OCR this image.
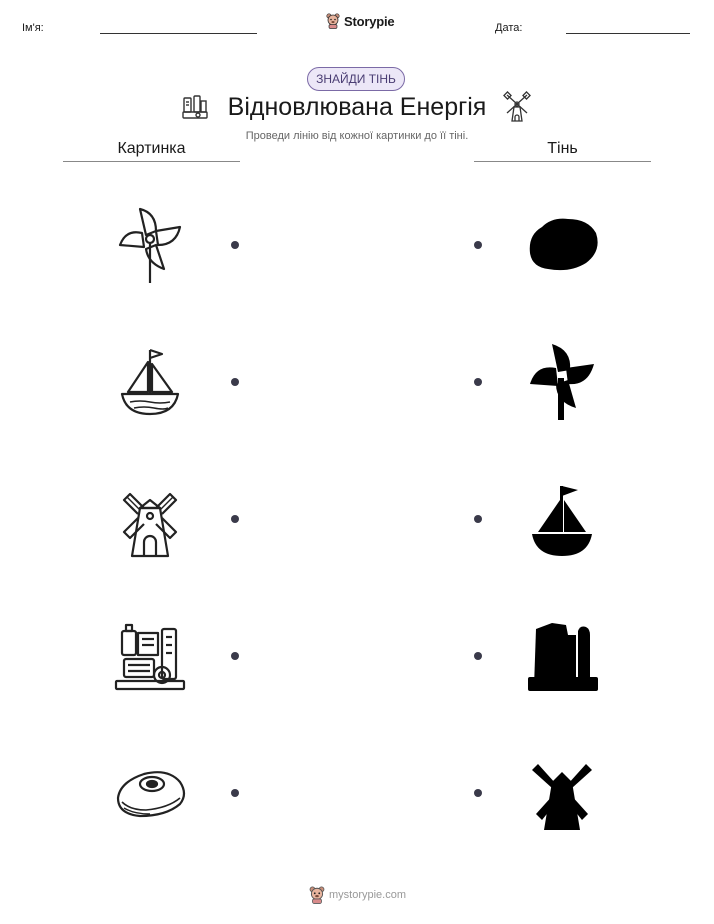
Ім'я:	Storypie	Дата:
ЗНАЙДИ ТІНЬ
Відновлювана Енергія
Проведи лінію від кожної картинки до її тіні.
Картинка	Тінь
mystorypie.com
